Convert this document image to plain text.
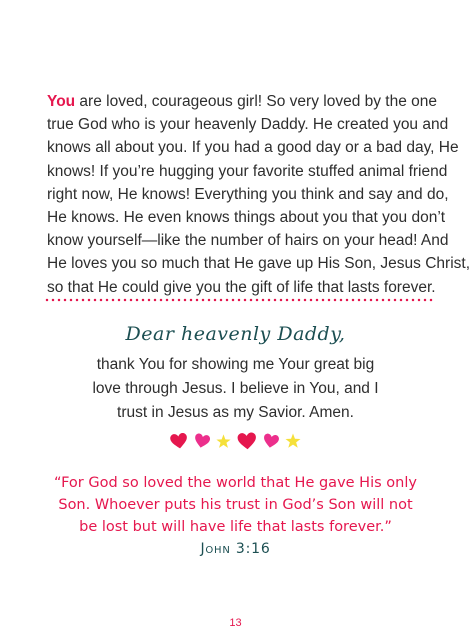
You are loved, courageous girl! So very loved by the one
true God who is your heavenly Daddy. He created you and
knows all about you. If you had a good day or a bad day, He
knows! If you’re hugging your favorite stuffed animal friend
right now, He knows! Everything you think and say and do,
He knows. He even knows things about you that you don’t
know yourself—like the number of hairs on your head! And
He loves you so much that He gave up His Son, Jesus Christ,
so that He could give you the gift of life that lasts forever.
Dear heavenly Daddy,
thank You for showing me Your great big
love through Jesus. I believe in You, and I
trust in Jesus as my Savior. Amen.
“For God so loved the world that He gave His only
Son. Whoever puts his trust in God’s Son will not
be lost but will have life that lasts forever.”
John 3:16
13
